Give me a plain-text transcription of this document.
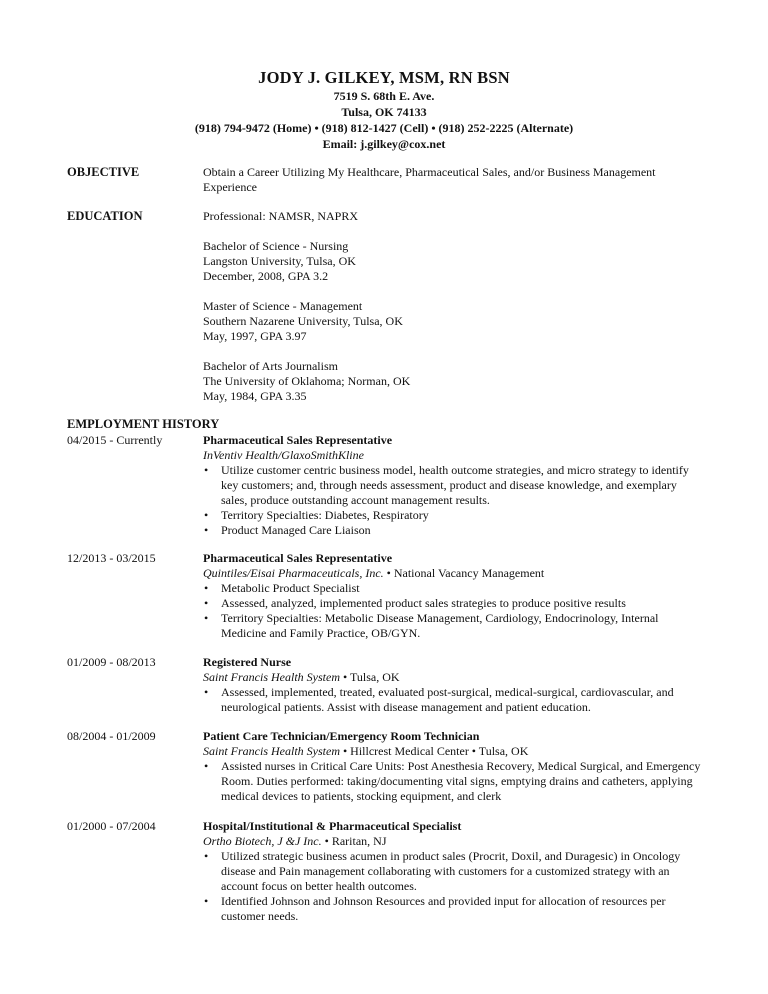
JODY J. GILKEY, MSM, RN BSN
7519 S. 68th E. Ave.
Tulsa, OK 74133
(918) 794-9472 (Home) • (918) 812-1427 (Cell) • (918) 252-2225 (Alternate)
Email: j.gilkey@cox.net
OBJECTIVE	Obtain a Career Utilizing My Healthcare, Pharmaceutical Sales, and/or Business Management Experience
EDUCATION	Professional: NAMSR, NAPRX
Bachelor of Science - Nursing
Langston University, Tulsa, OK
December, 2008, GPA 3.2
Master of Science - Management
Southern Nazarene University, Tulsa, OK
May, 1997, GPA 3.97
Bachelor of Arts Journalism
The University of Oklahoma; Norman, OK
May, 1984, GPA 3.35
EMPLOYMENT HISTORY
04/2015 - Currently	Pharmaceutical Sales Representative
InVentiv Health/GlaxoSmithKline
• Utilize customer centric business model, health outcome strategies, and micro strategy to identify key customers; and, through needs assessment, product and disease knowledge, and exemplary sales, produce outstanding account management results.
• Territory Specialties: Diabetes, Respiratory
• Product Managed Care Liaison
12/2013 - 03/2015	Pharmaceutical Sales Representative
Quintiles/Eisai Pharmaceuticals, Inc. • National Vacancy Management
• Metabolic Product Specialist
• Assessed, analyzed, implemented product sales strategies to produce positive results
• Territory Specialties: Metabolic Disease Management, Cardiology, Endocrinology, Internal Medicine and Family Practice, OB/GYN.
01/2009 - 08/2013	Registered Nurse
Saint Francis Health System • Tulsa, OK
• Assessed, implemented, treated, evaluated post-surgical, medical-surgical, cardiovascular, and neurological patients. Assist with disease management and patient education.
08/2004 - 01/2009	Patient Care Technician/Emergency Room Technician
Saint Francis Health System • Hillcrest Medical Center • Tulsa, OK
• Assisted nurses in Critical Care Units: Post Anesthesia Recovery, Medical Surgical, and Emergency Room. Duties performed: taking/documenting vital signs, emptying drains and catheters, applying medical devices to patients, stocking equipment, and clerk
01/2000 - 07/2004	Hospital/Institutional & Pharmaceutical Specialist
Ortho Biotech, J &J Inc. • Raritan, NJ
• Utilized strategic business acumen in product sales (Procrit, Doxil, and Duragesic) in Oncology disease and Pain management collaborating with customers for a customized strategy with an account focus on better health outcomes.
• Identified Johnson and Johnson Resources and provided input for allocation of resources per customer needs.
